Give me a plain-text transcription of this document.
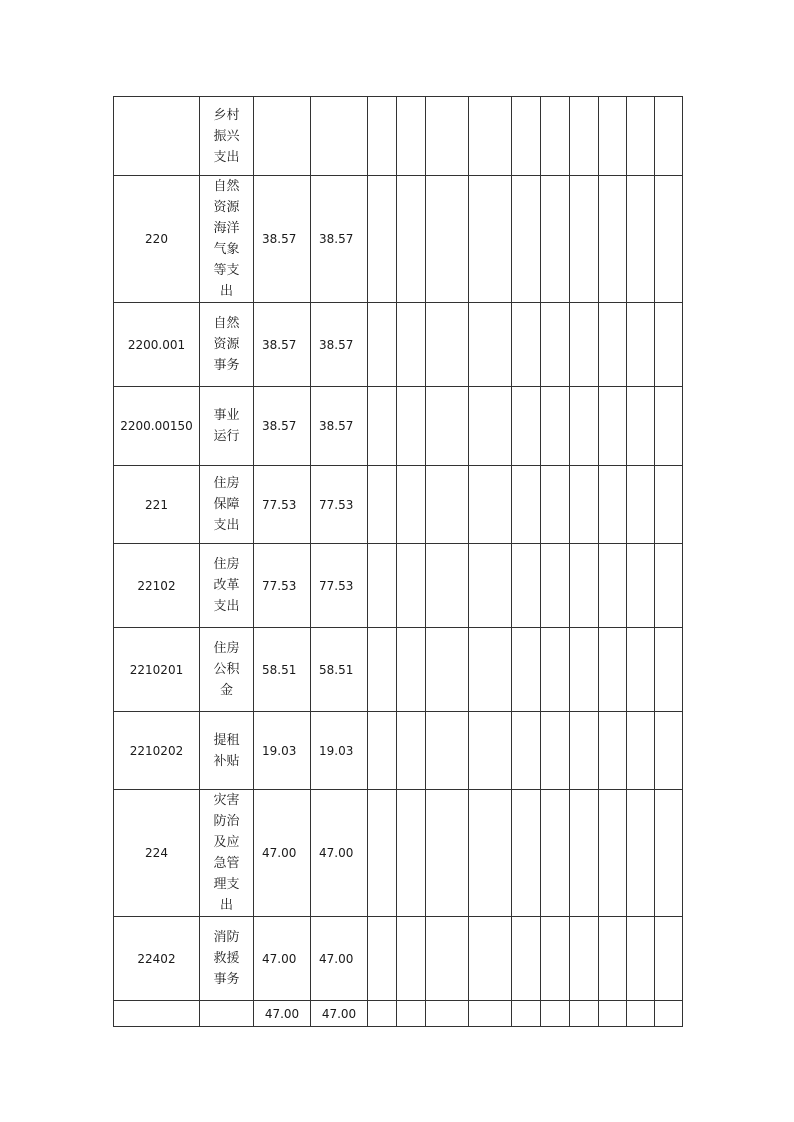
	乡村振兴支出												
220	自然资源海洋气象等支出	38.57	38.57										
2200.001	自然资源事务	38.57	38.57										
2200.00150	事业运行	38.57	38.57										
221	住房保障支出	77.53	77.53										
22102	住房改革支出	77.53	77.53										
2210201	住房公积金	58.51	58.51										
2210202	提租补贴	19.03	19.03										
224	灾害防治及应急管理支出	47.00	47.00										
22402	消防救援事务	47.00	47.00										
		47.00	47.00										
